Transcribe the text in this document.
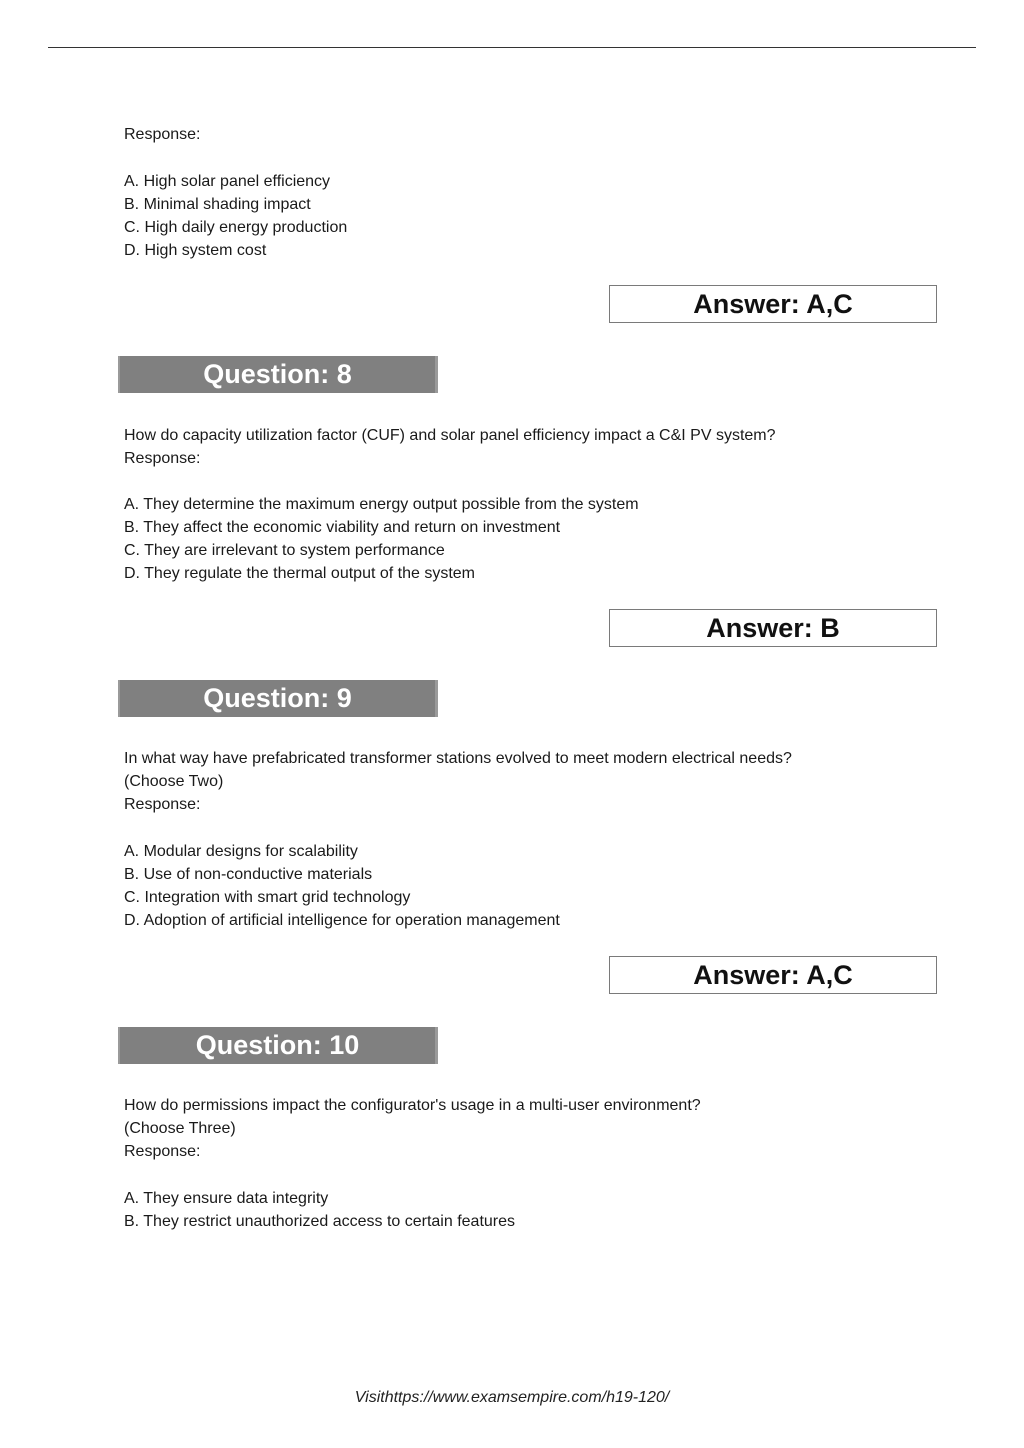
Response:
A. High solar panel efficiency
B. Minimal shading impact
C. High daily energy production
D. High system cost
Answer: A,C
Question: 8
How do capacity utilization factor (CUF) and solar panel efficiency impact a C&I PV system?
Response:
A. They determine the maximum energy output possible from the system
B. They affect the economic viability and return on investment
C. They are irrelevant to system performance
D. They regulate the thermal output of the system
Answer: B
Question: 9
In what way have prefabricated transformer stations evolved to meet modern electrical needs?
(Choose Two)
Response:
A. Modular designs for scalability
B. Use of non-conductive materials
C. Integration with smart grid technology
D. Adoption of artificial intelligence for operation management
Answer: A,C
Question: 10
How do permissions impact the configurator's usage in a multi-user environment?
(Choose Three)
Response:
A. They ensure data integrity
B. They restrict unauthorized access to certain features
Visithttps://www.examsempire.com/h19-120/
